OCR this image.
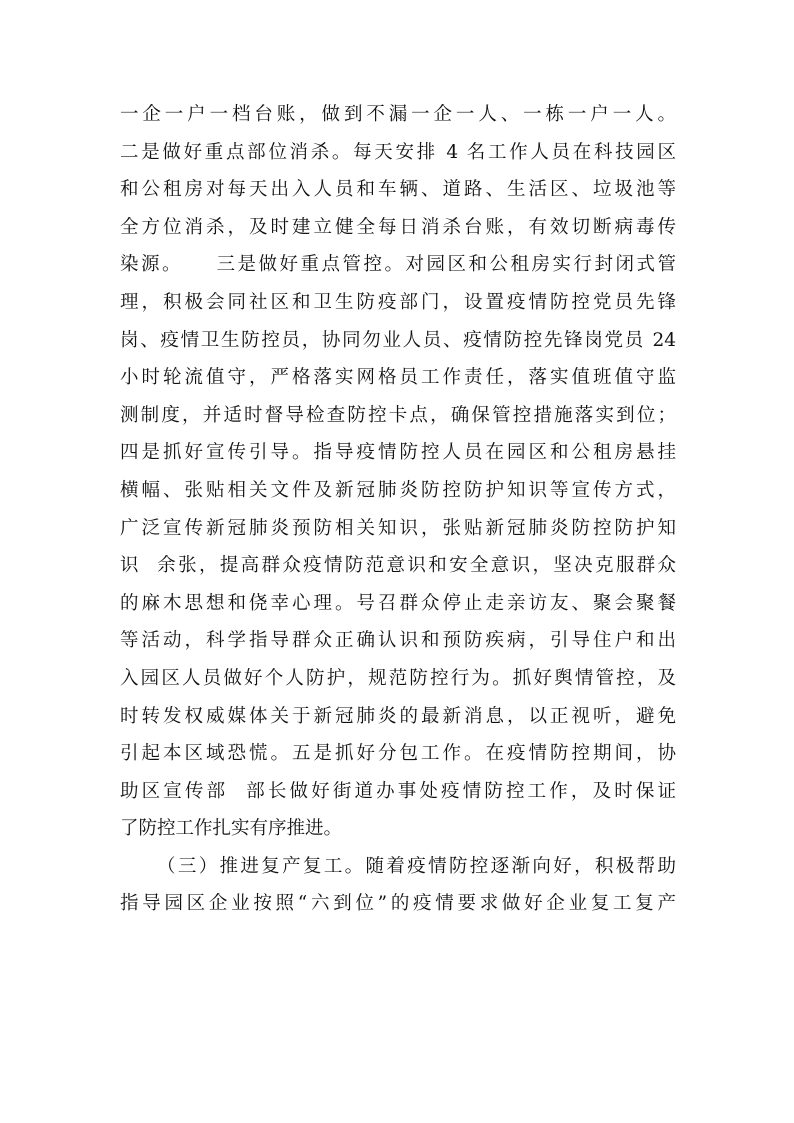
一企一户一档台账，做到不漏一企一人、一栋一户一人。
二是做好重点部位消杀。每天安排 4 名工作人员在科技园区
和公租房对每天出入人员和车辆、道路、生活区、垃圾池等
全方位消杀，及时建立健全每日消杀台账，有效切断病毒传
染源。    三是做好重点管控。对园区和公租房实行封闭式管
理，积极会同社区和卫生防疫部门，设置疫情防控党员先锋
岗、疫情卫生防控员，协同勿业人员、疫情防控先锋岗党员 24
小时轮流值守，严格落实网格员工作责任，落实值班值守监
测制度，并适时督导检查防控卡点，确保管控措施落实到位；
四是抓好宣传引导。指导疫情防控人员在园区和公租房悬挂
横幅、张贴相关文件及新冠肺炎防控防护知识等宣传方式，
广泛宣传新冠肺炎预防相关知识，张贴新冠肺炎防控防护知
识  余张，提高群众疫情防范意识和安全意识，坚决克服群众
的麻木思想和侥幸心理。号召群众停止走亲访友、聚会聚餐
等活动，科学指导群众正确认识和预防疾病，引导住户和出
入园区人员做好个人防护，规范防控行为。抓好舆情管控，及
时转发权威媒体关于新冠肺炎的最新消息，以正视听，避免
引起本区域恐慌。五是抓好分包工作。在疫情防控期间，协
助区宣传部  部长做好街道办事处疫情防控工作，及时保证
了防控工作扎实有序推进。
（三）推进复产复工。随着疫情防控逐渐向好，积极帮助
指导园区企业按照“六到位”的疫情要求做好企业复工复产
